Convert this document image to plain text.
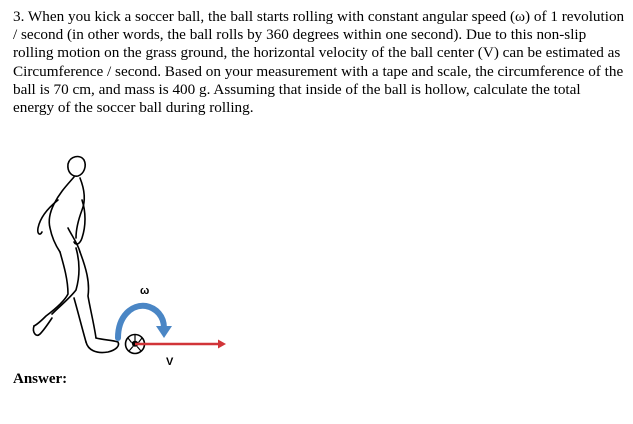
3. When you kick a soccer ball, the ball starts rolling with constant angular speed (ω) of 1 revolution / second (in other words, the ball rolls by 360 degrees within one second). Due to this non-slip rolling motion on the grass ground, the horizontal velocity of the ball center (V) can be estimated as Circumference / second. Based on your measurement with a tape and scale, the circumference of the ball is 70 cm, and mass is 400 g. Assuming that inside of the ball is hollow, calculate the total energy of the soccer ball during rolling.
ω
V
Answer:
